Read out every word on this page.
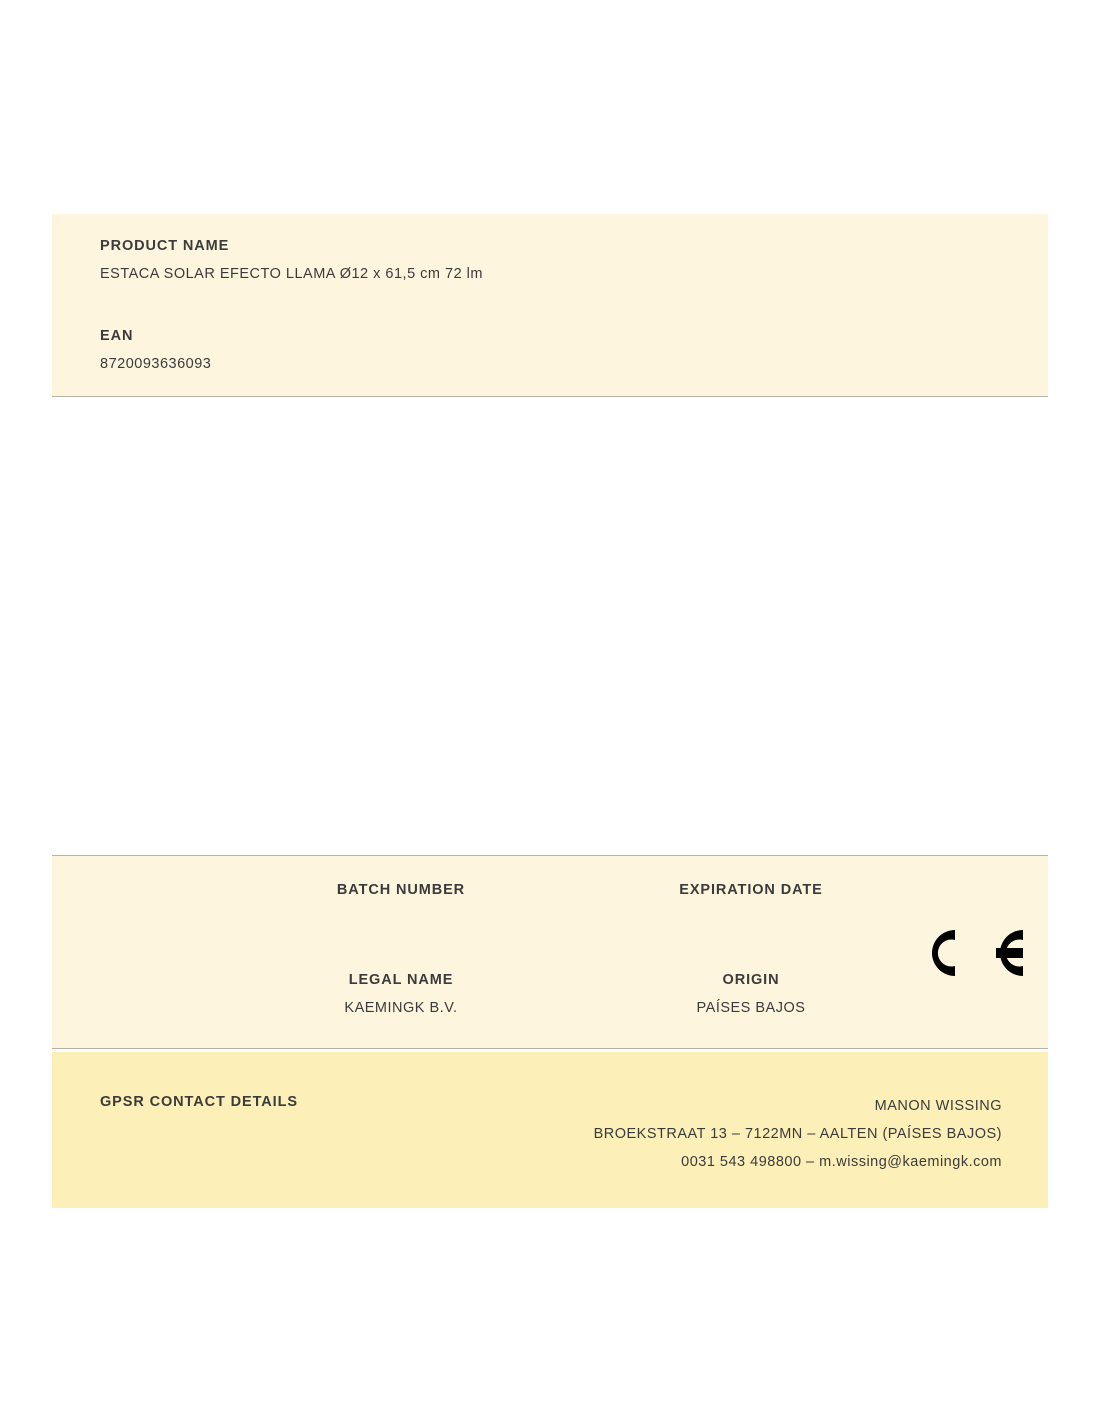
PRODUCT NAME
ESTACA SOLAR EFECTO LLAMA Ø12 x 61,5 cm 72 lm
EAN
8720093636093
BATCH NUMBER	EXPIRATION DATE
LEGAL NAME
KAEMINGK B.V.
ORIGIN
PAÍSES BAJOS
GPSR CONTACT DETAILS	MANON WISSING
BROEKSTRAAT 13 – 7122MN – AALTEN (PAÍSES BAJOS)
0031 543 498800 – m.wissing@kaemingk.com
